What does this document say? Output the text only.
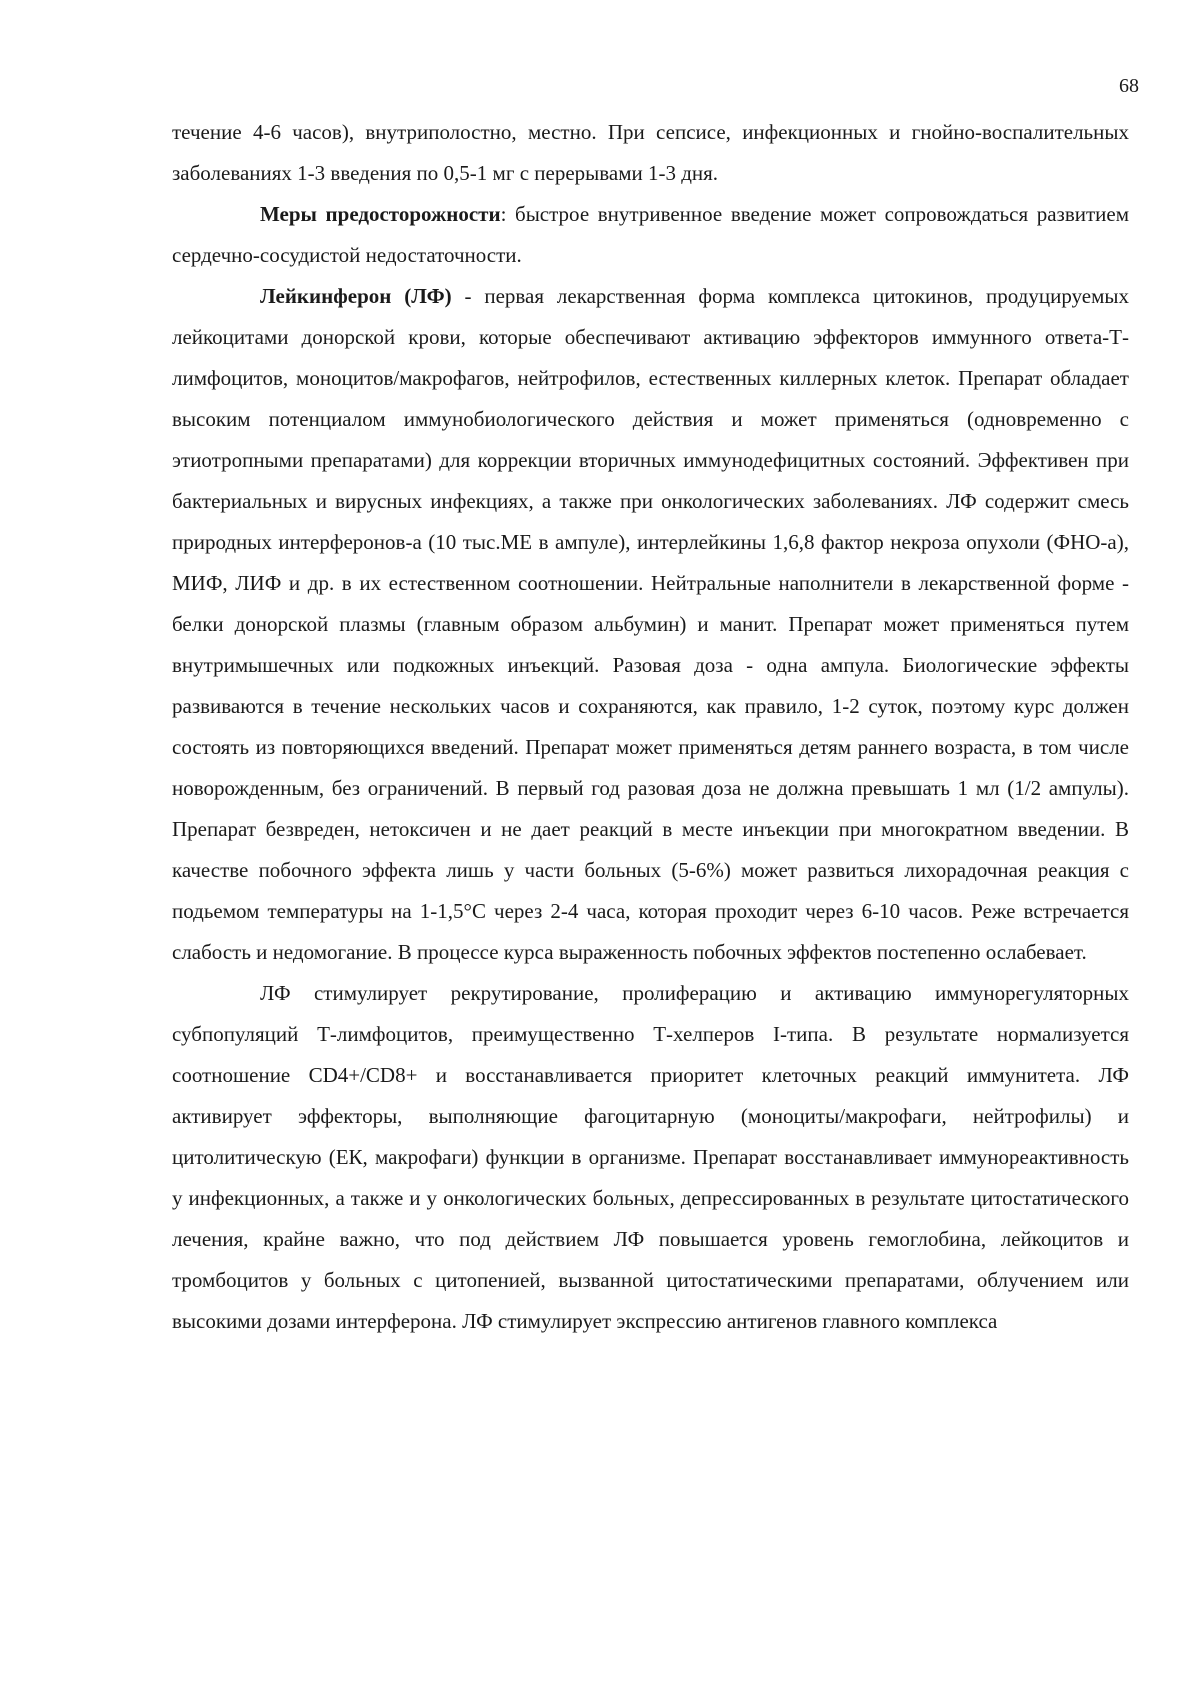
68

течение 4-6 часов), внутриполостно, местно. При сепсисе, инфекционных и гнойно-воспалительных заболеваниях 1-3 введения по 0,5-1 мг с перерывами 1-3 дня.

Меры предосторожности: быстрое внутривенное введение может сопровождаться развитием сердечно-сосудистой недостаточности.

Лейкинферон (ЛФ) - первая лекарственная форма комплекса цитокинов, продуцируемых лейкоцитами донорской крови, которые обеспечивают активацию эффекторов иммунного ответа-Т-лимфоцитов, моноцитов/макрофагов, нейтрофилов, естественных киллерных клеток. Препарат обладает высоким потенциалом иммунобиологического действия и может применяться (одновременно с этиотропными препаратами) для коррекции вторичных иммунодефицитных состояний. Эффективен при бактериальных и вирусных инфекциях, а также при онкологических заболеваниях. ЛФ содержит смесь природных интерферонов-а (10 тыс.МЕ в ампуле), интерлейкины 1,6,8 фактор некроза опухоли (ФНО-а), МИФ, ЛИФ и др. в их естественном соотношении. Нейтральные наполнители в лекарственной форме - белки донорской плазмы (главным образом альбумин) и манит. Препарат может применяться путем внутримышечных или подкожных инъекций. Разовая доза - одна ампула. Биологические эффекты развиваются в течение нескольких часов и сохраняются, как правило, 1-2 суток, поэтому курс должен состоять из повторяющихся введений. Препарат может применяться детям раннего возраста, в том числе новорожденным, без ограничений. В первый год разовая доза не должна превышать 1 мл (1/2 ампулы). Препарат безвреден, нетоксичен и не дает реакций в месте инъекции при многократном введении. В качестве побочного эффекта лишь у части больных (5-6%) может развиться лихорадочная реакция с подьемом температуры на 1-1,5°С через 2-4 часа, которая проходит через 6-10 часов. Реже встречается слабость и недомогание. В процессе курса выраженность побочных эффектов постепенно ослабевает.

ЛФ стимулирует рекрутирование, пролиферацию и активацию иммунорегуляторных субпопуляций Т-лимфоцитов, преимущественно Т-хелперов I-типа. В результате нормализуется соотношение CD4+/CD8+ и восстанавливается приоритет клеточных реакций иммунитета. ЛФ активирует эффекторы, выполняющие фагоцитарную (моноциты/макрофаги, нейтрофилы) и цитолитическую (ЕК, макрофаги) функции в организме. Препарат восстанавливает иммунореактивность у инфекционных, а также и у онкологических больных, депрессированных в результате цитостатического лечения, крайне важно, что под действием ЛФ повышается уровень гемоглобина, лейкоцитов и тромбоцитов у больных с цитопенией, вызванной цитостатическими препаратами, облучением или высокими дозами интерферона. ЛФ стимулирует экспрессию антигенов главного комплекса
